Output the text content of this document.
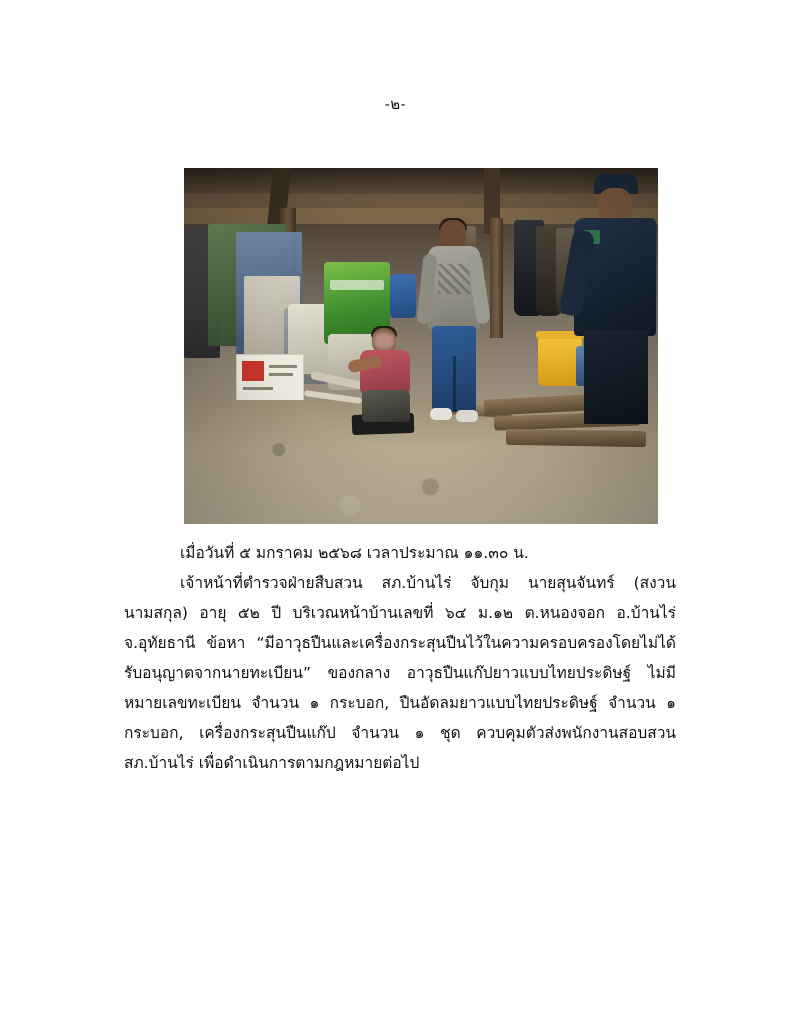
-๒-

เมื่อวันที่ ๕ มกราคม ๒๕๖๘ เวลาประมาณ ๑๑.๓๐ น.

เจ้าหน้าที่ตำรวจฝ่ายสืบสวน สภ.บ้านไร่ จับกุม นายสุนจันทร์ (สงวนนามสกุล) อายุ ๕๒ ปี บริเวณหน้าบ้านเลขที่ ๖๔ ม.๑๒ ต.หนองจอก อ.บ้านไร่ จ.อุทัยธานี ข้อหา “มีอาวุธปืนและเครื่องกระสุนปืนไว้ในความครอบครองโดยไม่ได้รับอนุญาตจากนายทะเบียน” ของกลาง อาวุธปืนแก๊ปยาวแบบไทยประดิษฐ์ ไม่มีหมายเลขทะเบียน จำนวน ๑ กระบอก, ปืนอัดลมยาวแบบไทยประดิษฐ์ จำนวน ๑ กระบอก, เครื่องกระสุนปืนแก๊ป จำนวน ๑ ชุด ควบคุมตัวส่งพนักงานสอบสวน สภ.บ้านไร่ เพื่อดำเนินการตามกฎหมายต่อไป
